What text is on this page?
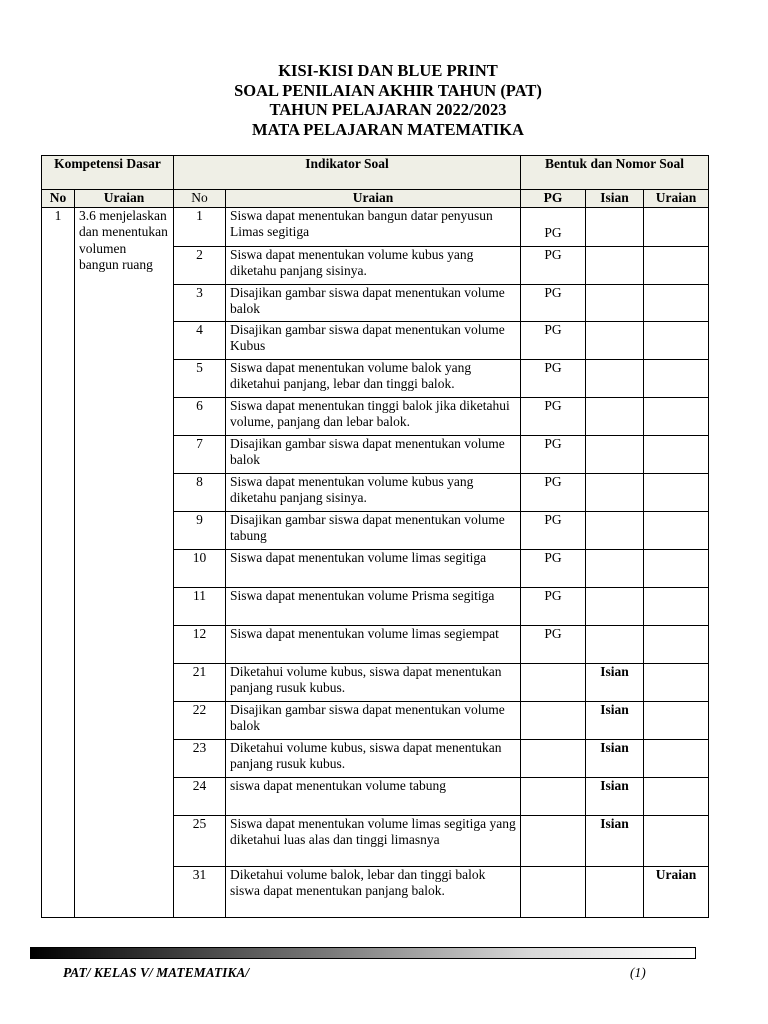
KISI-KISI DAN BLUE PRINT
SOAL PENILAIAN AKHIR TAHUN (PAT)
TAHUN PELAJARAN 2022/2023
MATA PELAJARAN MATEMATIKA
Kompetensi Dasar		Indikator Soal		Bentuk dan Nomor Soal		
No	Uraian	No	Uraian	PG	Isian	Uraian
1	3.6 menjelaskan dan menentukan volumen bangun ruang	1	Siswa dapat menentukan bangun datar penyusun Limas segitiga	PG		

		2	Siswa dapat menentukan volume kubus yang diketahu panjang sisinya.	PG		
		3	Disajikan gambar siswa dapat menentukan volume balok	PG		
		4	Disajikan gambar siswa dapat menentukan volume Kubus	PG		
		5	Siswa dapat menentukan volume balok yang diketahui panjang, lebar dan tinggi balok.	PG		
		6	Siswa dapat menentukan tinggi balok jika diketahui volume, panjang dan lebar balok.	PG		
		7	Disajikan gambar siswa dapat menentukan volume balok	PG		
		8	Siswa dapat menentukan volume kubus yang diketahu panjang sisinya.	PG		
		9	Disajikan gambar siswa dapat menentukan volume tabung	PG		
		10	Siswa dapat menentukan volume limas segitiga	PG		
		11	Siswa dapat menentukan volume Prisma segitiga	PG		
		12	Siswa dapat menentukan volume limas segiempat	PG		
		21	Diketahui volume kubus, siswa dapat menentukan panjang rusuk kubus.		Isian	
		22	Disajikan gambar siswa dapat menentukan volume balok		Isian	
		23	Diketahui volume kubus, siswa dapat menentukan panjang rusuk kubus.		Isian	
		24	siswa dapat menentukan volume tabung		Isian	
		25	Siswa dapat menentukan volume limas segitiga yang diketahui luas alas dan tinggi limasnya		Isian	
		31	Diketahui volume balok, lebar dan tinggi balok siswa dapat menentukan panjang balok.			Uraian
PAT/ KELAS V/ MATEMATIKA/	(1)
